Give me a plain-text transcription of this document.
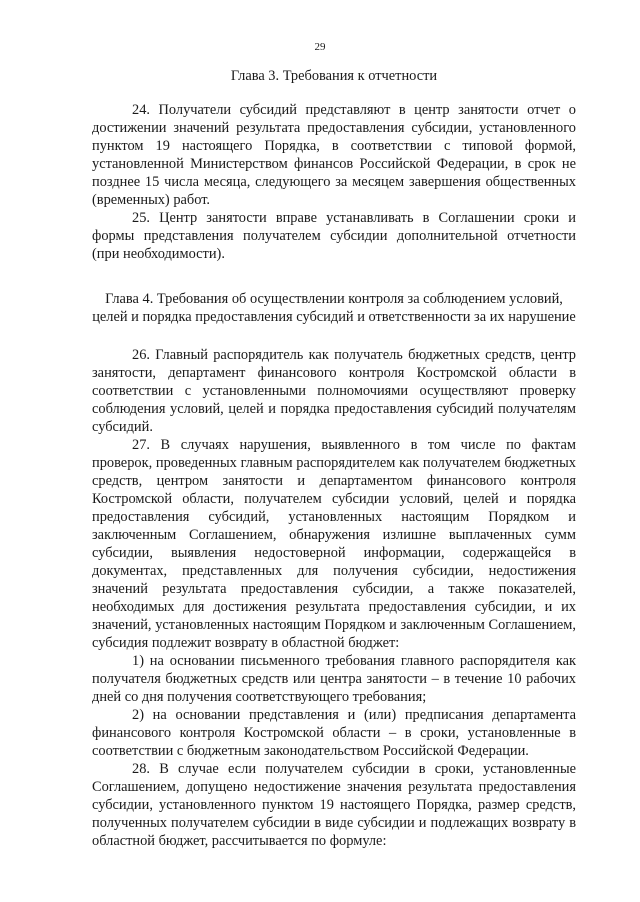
29

Глава 3. Требования к отчетности

24. Получатели субсидий представляют в центр занятости отчет о достижении значений результата предоставления субсидии, установленного пунктом 19 настоящего Порядка, в соответствии с типовой формой, установленной Министерством финансов Российской Федерации, в срок не позднее 15 числа месяца, следующего за месяцем завершения общественных (временных) работ.

25. Центр занятости вправе устанавливать в Соглашении сроки и формы представления получателем субсидии дополнительной отчетности (при необходимости).

Глава 4. Требования об осуществлении контроля за соблюдением условий, целей и порядка предоставления субсидий и ответственности за их нарушение

26. Главный распорядитель как получатель бюджетных средств, центр занятости, департамент финансового контроля Костромской области в соответствии с установленными полномочиями осуществляют проверку соблюдения условий, целей и порядка предоставления субсидий получателям субсидий.

27. В случаях нарушения, выявленного в том числе по фактам проверок, проведенных главным распорядителем как получателем бюджетных средств, центром занятости и департаментом финансового контроля Костромской области, получателем субсидии условий, целей и порядка предоставления субсидий, установленных настоящим Порядком и заключенным Соглашением, обнаружения излишне выплаченных сумм субсидии, выявления недостоверной информации, содержащейся в документах, представленных для получения субсидии, недостижения значений результата предоставления субсидии, а также показателей, необходимых для достижения результата предоставления субсидии, и их значений, установленных настоящим Порядком и заключенным Соглашением, субсидия подлежит возврату в областной бюджет:

1) на основании письменного требования главного распорядителя как получателя бюджетных средств или центра занятости – в течение 10 рабочих дней со дня получения соответствующего требования;

2) на основании представления и (или) предписания департамента финансового контроля Костромской области – в сроки, установленные в соответствии с бюджетным законодательством Российской Федерации.

28. В случае если получателем субсидии в сроки, установленные Соглашением, допущено недостижение значения результата предоставления субсидии, установленного пунктом 19 настоящего Порядка, размер средств, полученных получателем субсидии в виде субсидии и подлежащих возврату в областной бюджет, рассчитывается по формуле:
